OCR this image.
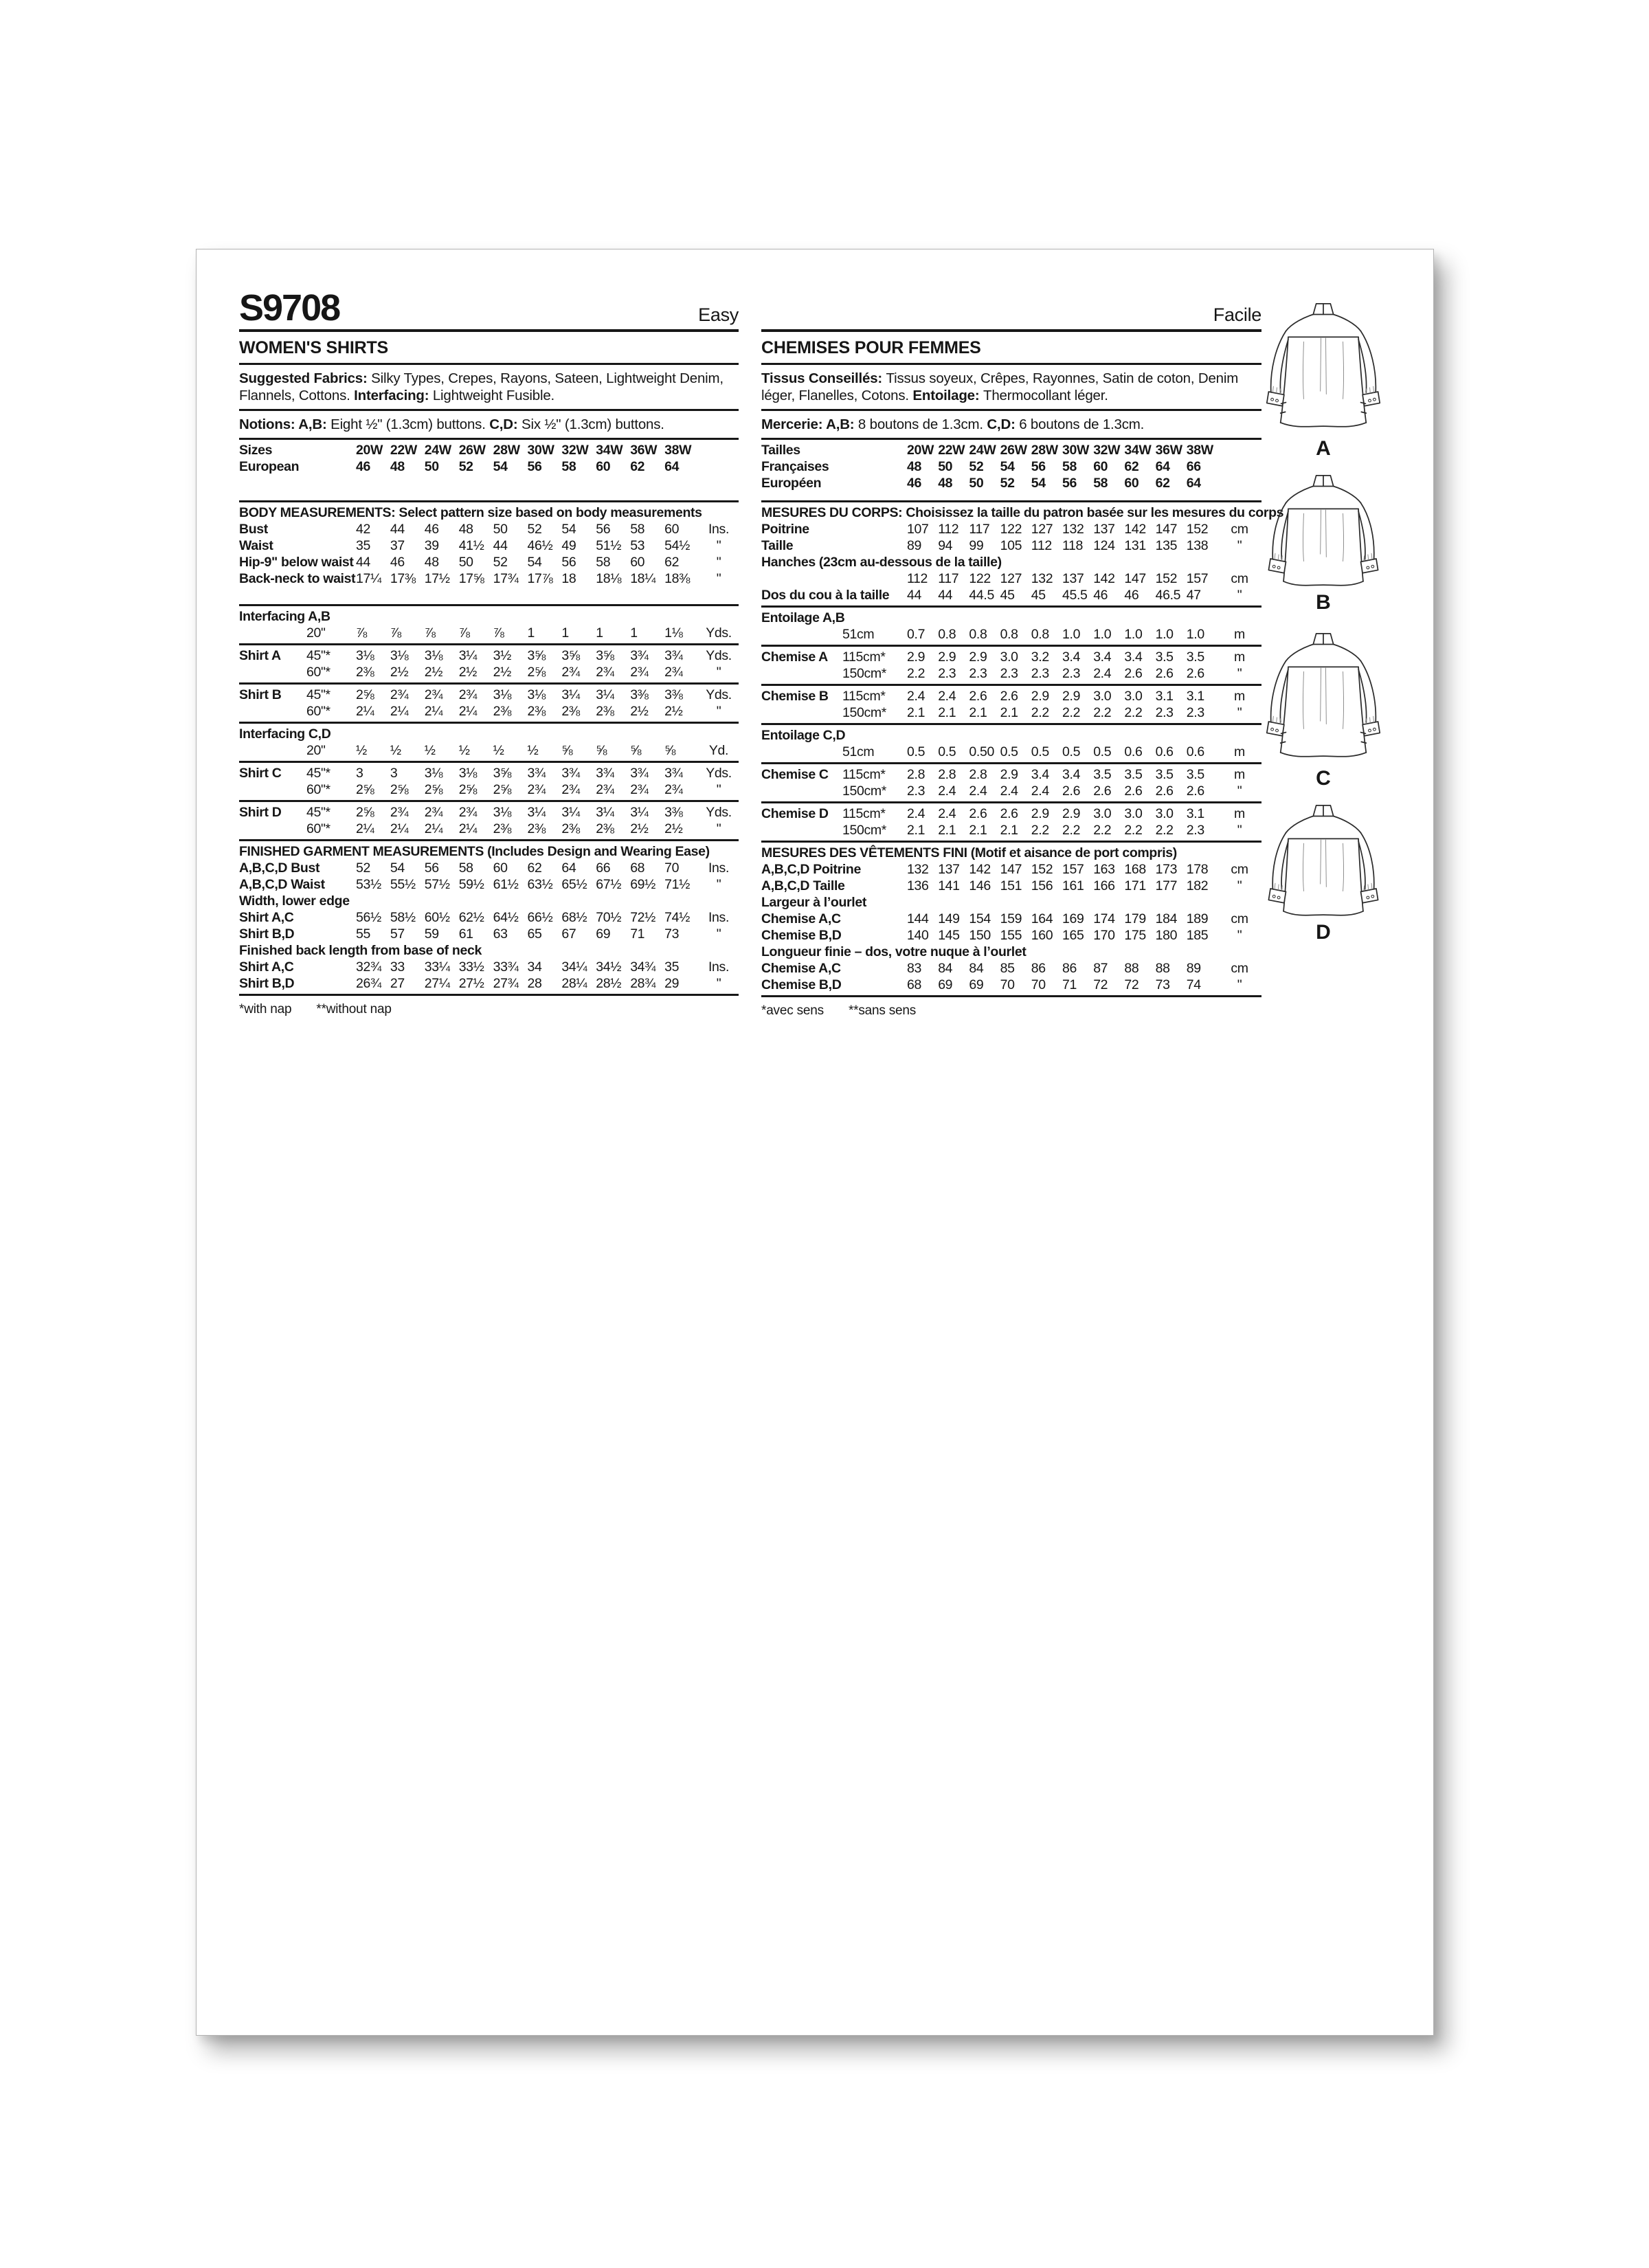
S9708	Easy
WOMEN'S SHIRTS

Suggested Fabrics: Silky Types, Crepes, Rayons, Sateen, Lightweight Denim, Flannels, Cottons. Interfacing: Lightweight Fusible.

Notions: A,B: Eight ½" (1.3cm) buttons. C,D: Six ½" (1.3cm) buttons.

Sizes	20W 22W 24W 26W 28W 30W 32W 34W 36W 38W
European	46	48	50	52	54	56	58	60	62	64
BODY MEASUREMENTS: Select pattern size based on body measurements
Bust	42	44	46	48	50	52	54	56	58	60	Ins.
Waist	35	37	39	41½ 44	46½ 49	51½ 53	54½	"
Hip-9" below waist 44	46	48	50	52	54	56	58	60	62	"
Back-neck to waist 17¼ 17⅜ 17½ 17⅝ 17¾ 17⅞ 18	18⅛ 18¼ 18⅜	"
Interfacing A,B
20"	⅞	⅞	⅞	⅞	⅞	1	1	1	1	1⅛	Yds.
Shirt A	45"*	3⅛	3⅛	3⅛	3¼	3½	3⅝	3⅝	3⅝	3¾	3¾	Yds.
60"*	2⅜	2½	2½	2½	2½	2⅝	2¾	2¾	2¾	2¾	"
Shirt B	45"*	2⅝	2¾	2¾	2¾	3⅛	3⅛	3¼	3¼	3⅜	3⅜	Yds.
60"*	2¼	2¼	2¼	2¼	2⅜	2⅜	2⅜	2⅜	2½	2½	"
Interfacing C,D
20"	½	½	½	½	½	½	⅝	⅝	⅝	⅝	Yd.
Shirt C	45"*	3	3	3⅛	3⅛	3⅝	3¾	3¾	3¾	3¾	3¾	Yds.
60"*	2⅝	2⅝	2⅝	2⅝	2⅝	2¾	2¾	2¾	2¾	2¾	"
Shirt D	45"*	2⅝	2¾	2¾	2¾	3⅛	3¼	3¼	3¼	3¼	3⅜	Yds.
60"*	2¼	2¼	2¼	2¼	2⅜	2⅜	2⅜	2⅜	2½	2½	"
FINISHED GARMENT MEASUREMENTS (Includes Design and Wearing Ease)
A,B,C,D Bust	52	54	56	58	60	62	64	66	68	70	Ins.
A,B,C,D Waist	53½ 55½ 57½ 59½ 61½ 63½ 65½ 67½ 69½ 71½	"
Width, lower edge
Shirt A,C	56½ 58½ 60½ 62½ 64½ 66½ 68½ 70½ 72½ 74½	Ins.
Shirt B,D	55	57	59	61	63	65	67	69	71	73	"
Finished back length from base of neck
Shirt A,C	32¾ 33	33¼ 33½ 33¾ 34	34¼ 34½ 34¾ 35	Ins.
Shirt B,D	26¾ 27	27¼ 27½ 27¾ 28	28¼ 28½ 28¾ 29	"

*with nap **without nap

Facile
CHEMISES POUR FEMMES

Tissus Conseillés: Tissus soyeux, Crêpes, Rayonnes, Satin de coton, Denim léger, Flanelles, Cotons. Entoilage: Thermocollant léger.

Mercerie: A,B: 8 boutons de 1.3cm. C,D: 6 boutons de 1.3cm.

Tailles	20W 22W 24W 26W 28W 30W 32W 34W 36W 38W
Françaises	48	50	52	54	56	58	60	62	64	66
Européen	46	48	50	52	54	56	58	60	62	64
MESURES DU CORPS: Choisissez la taille du patron basée sur les mesures du corps
Poitrine	107 112 117 122 127 132 137 142 147 152	cm
Taille	89	94	99	105 112 118 124 131 135 138	"
Hanches (23cm au-dessous de la taille)
112 117 122 127 132 137 142 147 152 157	cm
Dos du cou à la taille	44	44	44.5 45	45	45.5 46	46	46.5 47	"
Entoilage A,B
51cm	0.7 0.8 0.8 0.8 0.8 1.0 1.0 1.0 1.0 1.0	m
Chemise A	115cm*	2.9 2.9 2.9 3.0 3.2 3.4 3.4 3.4 3.5 3.5	m
150cm*	2.2 2.3 2.3 2.3 2.3 2.3 2.4 2.6 2.6 2.6	"
Chemise B	115cm*	2.4 2.4 2.6 2.6 2.9 2.9 3.0 3.0 3.1 3.1	m
150cm*	2.1 2.1 2.1 2.1 2.2 2.2 2.2 2.2 2.3 2.3	"
Entoilage C,D
51cm	0.5 0.5 0.50 0.5 0.5 0.5 0.5 0.6 0.6 0.6	m
Chemise C	115cm*	2.8 2.8 2.8 2.9 3.4 3.4 3.5 3.5 3.5 3.5	m
150cm*	2.3 2.4 2.4 2.4 2.4 2.6 2.6 2.6 2.6 2.6	"
Chemise D	115cm*	2.4 2.4 2.6 2.6 2.9 2.9 3.0 3.0 3.0 3.1	m
150cm*	2.1 2.1 2.1 2.1 2.2 2.2 2.2 2.2 2.2 2.3	"
MESURES DES VÊTEMENTS FINI (Motif et aisance de port compris)
A,B,C,D Poitrine	132 137 142 147 152 157 163 168 173 178	cm
A,B,C,D Taille	136 141 146 151 156 161 166 171 177 182	"
Largeur à l’ourlet
Chemise A,C	144 149 154 159 164 169 174 179 184 189	cm
Chemise B,D	140 145 150 155 160 165 170 175 180 185	"
Longueur finie – dos, votre nuque à l’ourlet
Chemise A,C	83	84	84	85	86	86	87	88	88	89	cm
Chemise B,D	68	69	69	70	70	71	72	72	73	74	"

*avec sens **sans sens

A
B
C
D
